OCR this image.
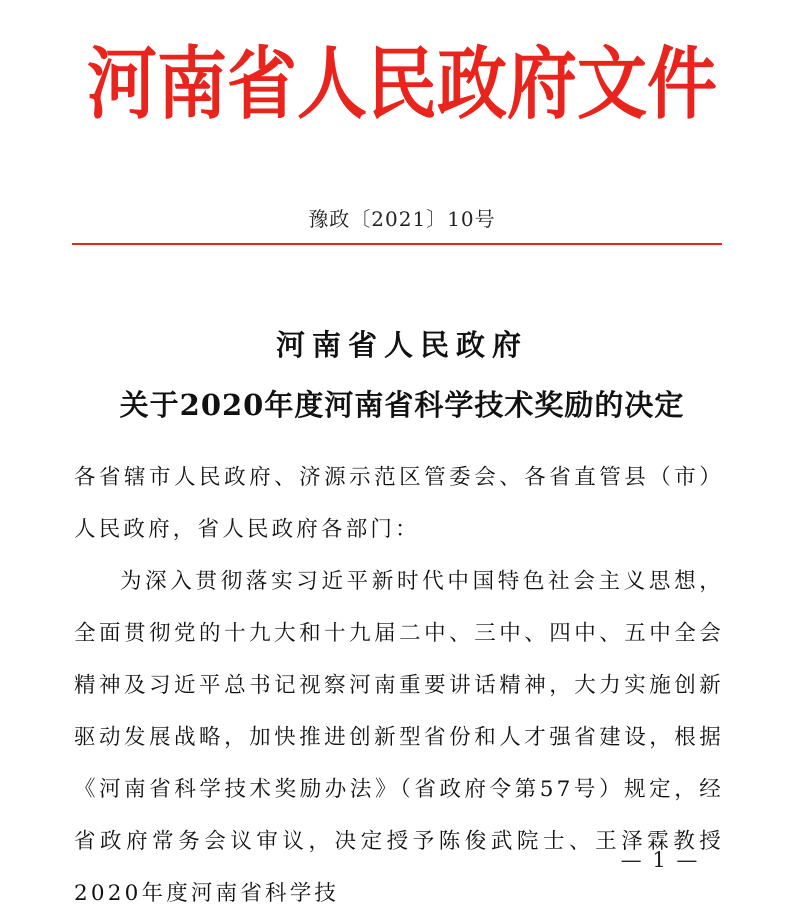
河南省人民政府文件
豫政〔2021〕10号
河南省人民政府
关于2020年度河南省科学技术奖励的决定

各省辖市人民政府、济源示范区管委会、各省直管县（市）人民政府，省人民政府各部门：

为深入贯彻落实习近平新时代中国特色社会主义思想，全面贯彻党的十九大和十九届二中、三中、四中、五中全会精神及习近平总书记视察河南重要讲话精神，大力实施创新驱动发展战略，加快推进创新型省份和人才强省建设，根据《河南省科学技术奖励办法》（省政府令第57号）规定，经省政府常务会议审议，决定授予陈俊武院士、王泽霖教授2020年度河南省科学技

— 1 —
